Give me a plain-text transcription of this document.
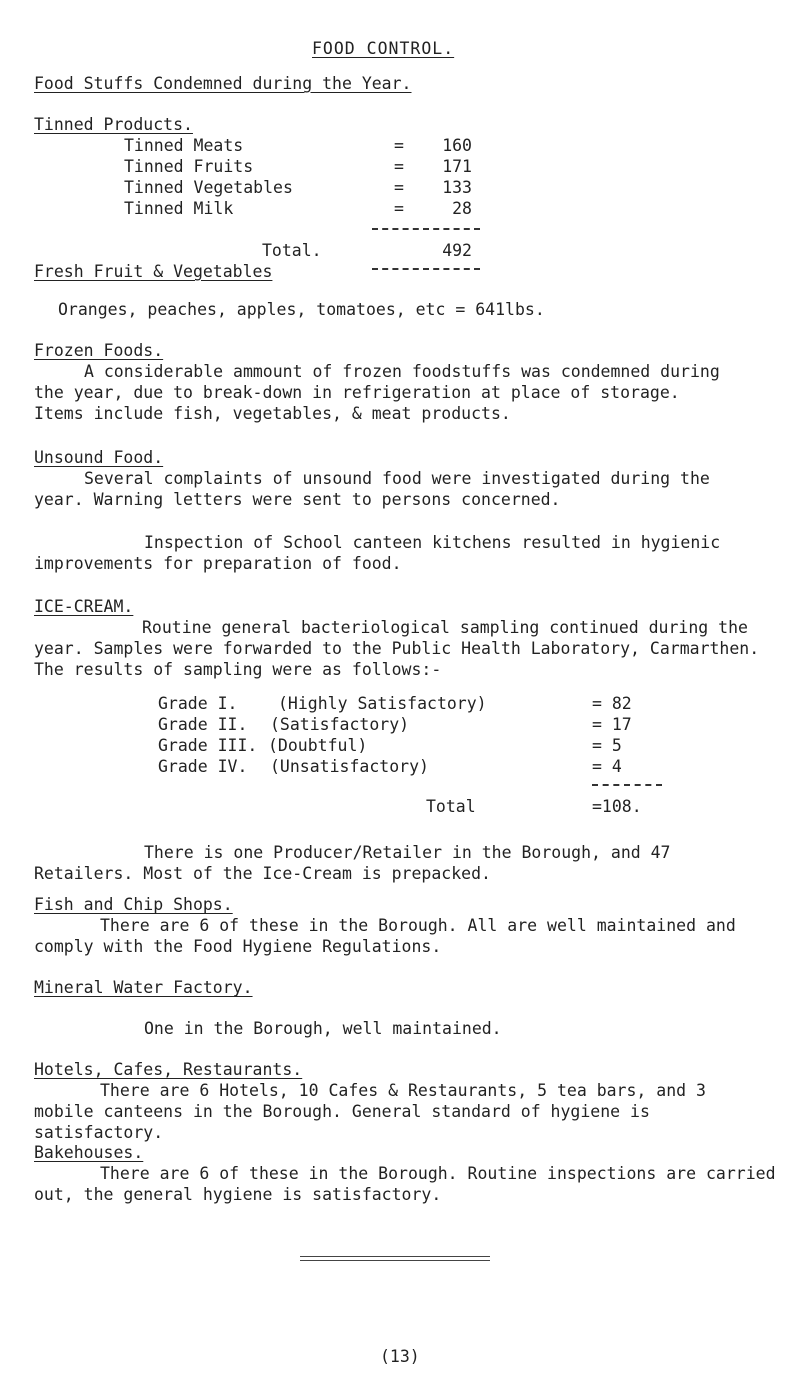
FOOD CONTROL.
Food Stuffs Condemned during the Year.
Tinned Products.
Tinned Meats	=	160
Tinned Fruits	=	171
Tinned Vegetables	=	133
Tinned Milk	=	28
Total.	492
Fresh Fruit & Vegetables
Oranges, peaches, apples, tomatoes, etc = 641lbs.
Frozen Foods.
A considerable ammount of frozen foodstuffs was condemned during the year, due to break-down in refrigeration at place of storage. Items include fish, vegetables, & meat products.
Unsound Food.
Several complaints of unsound food were investigated during the year. Warning letters were sent to persons concerned.
Inspection of School canteen kitchens resulted in hygienic improvements for preparation of food.
ICE-CREAM.
Routine general bacteriological sampling continued during the year. Samples were forwarded to the Public Health Laboratory, Carmarthen. The results of sampling were as follows:-
Grade I. (Highly Satisfactory)	= 82
Grade II. (Satisfactory)	= 17
Grade III. (Doubtful)	= 5
Grade IV. (Unsatisfactory)	= 4
Total	=108.
There is one Producer/Retailer in the Borough, and 47 Retailers. Most of the Ice-Cream is prepacked.
Fish and Chip Shops.
There are 6 of these in the Borough. All are well maintained and comply with the Food Hygiene Regulations.
Mineral Water Factory.
One in the Borough, well maintained.
Hotels, Cafes, Restaurants.
There are 6 Hotels, 10 Cafes & Restaurants, 5 tea bars, and 3 mobile canteens in the Borough. General standard of hygiene is satisfactory.
Bakehouses.
There are 6 of these in the Borough. Routine inspections are carried out, the general hygiene is satisfactory.
(13)
